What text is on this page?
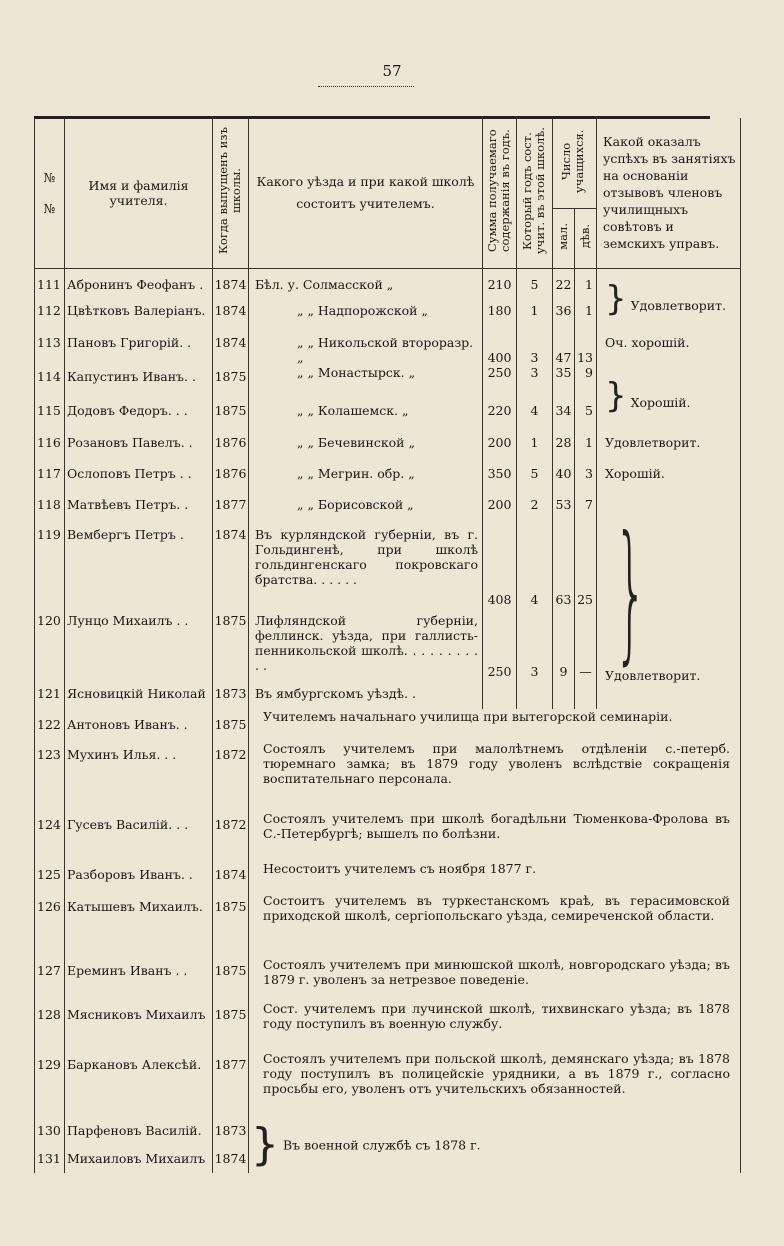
57
№
№	Имя и фамилія учителя.	Когда выпущенъ изъ школы.	Какого уѣзда и при какой школѣ состоитъ учителемъ.	Сумма получаемаго содержанія въ годъ.	Который годъ сост. учит. въ этой школѣ.	Число учащихся.		Какой оказалъ успѣхъ въ занятіяхъ на основаніи отзывовъ членовъ училищныхъ совѣтовъ и земскихъ управъ.
						мал.	дѣв.	
111	Абронинъ Феофанъ .	1874	Бѣл. у. Солмасской „	210	5	22	1	} Удовлетворит.
112	Цвѣтковъ Валеріанъ.	1874	„ „ Надпорожской „	180	1	36	1	
113	Пановъ Григорій. .	1874	„ „ Никольской второразр. „	400	3	47	13	Оч. хорошій.
114	Капустинъ Иванъ. .	1875	„ „ Монастырск. „	250	3	35	9	} Хорошій.
115	Додовъ Федоръ. . .	1875	„ „ Колашемск. „	220	4	34	5	
116	Розановъ Павелъ. .	1876	„ „ Бечевинской „	200	1	28	1	Удовлетворит.
117	Ослоповъ Петръ . .	1876	„ „ Мегрин. обр. „	350	5	40	3	Хорошій.
118	Матвѣевъ Петръ. .	1877	„ „ Борисовской „	200	2	53	7	} Удовлетворит.
119	Вембергъ Петръ .	1874	Въ курляндской губерніи, въ г. Гольдингенѣ, при школѣ гольдингенскаго покровскаго братства. . . . . .	408	4	63	25	
120	Лунцо Михаилъ . .	1875	Лифляндской губерніи, феллинск. уѣзда, при галлисть-пенникольской школѣ. . . . . . . . . . .	250	3	9	—	
121	Ясновицкій Николай	1873	Въ ямбургскомъ уѣздѣ. .					
122	Антоновъ Иванъ. .	1875	Учителемъ начальнаго училища при вытегорской семинаріи.					
123	Мухинъ Илья. . .	1872	Состоялъ учителемъ при малолѣтнемъ отдѣленіи с.-петерб. тюремнаго замка; въ 1879 году уволенъ вслѣдствіе сокращенія воспитательнаго персонала.					
124	Гусевъ Василій. . .	1872	Состоялъ учителемъ при школѣ богадѣльни Тюменкова-Фролова въ С.-Петербургѣ; вышелъ по болѣзни.					
125	Разборовъ Иванъ. .	1874	Несостоитъ учителемъ съ ноября 1877 г.					
126	Катышевъ Михаилъ.	1875	Состоитъ учителемъ въ туркестанскомъ краѣ, въ герасимовской приходской школѣ, сергіопольскаго уѣзда, семиреченской области.					
127	Ереминъ Иванъ . .	1875	Состоялъ учителемъ при минюшской школѣ, новгородскаго уѣзда; въ 1879 г. уволенъ за нетрезвое поведеніе.					
128	Мясниковъ Михаилъ	1875	Сост. учителемъ при лучинской школѣ, тихвинскаго уѣзда; въ 1878 году поступилъ въ военную службу.					
129	Баркановъ Алексѣй.	1877	Состоялъ учителемъ при польской школѣ, демянскаго уѣзда; въ 1878 году поступилъ въ полицейскіе урядники, а въ 1879 г., согласно просьбы его, уволенъ отъ учительскихъ обязанностей.					
130	Парфеновъ Василій.	1873	} Въ военной службѣ съ 1878 г.					
131	Михаиловъ Михаилъ	1874						
